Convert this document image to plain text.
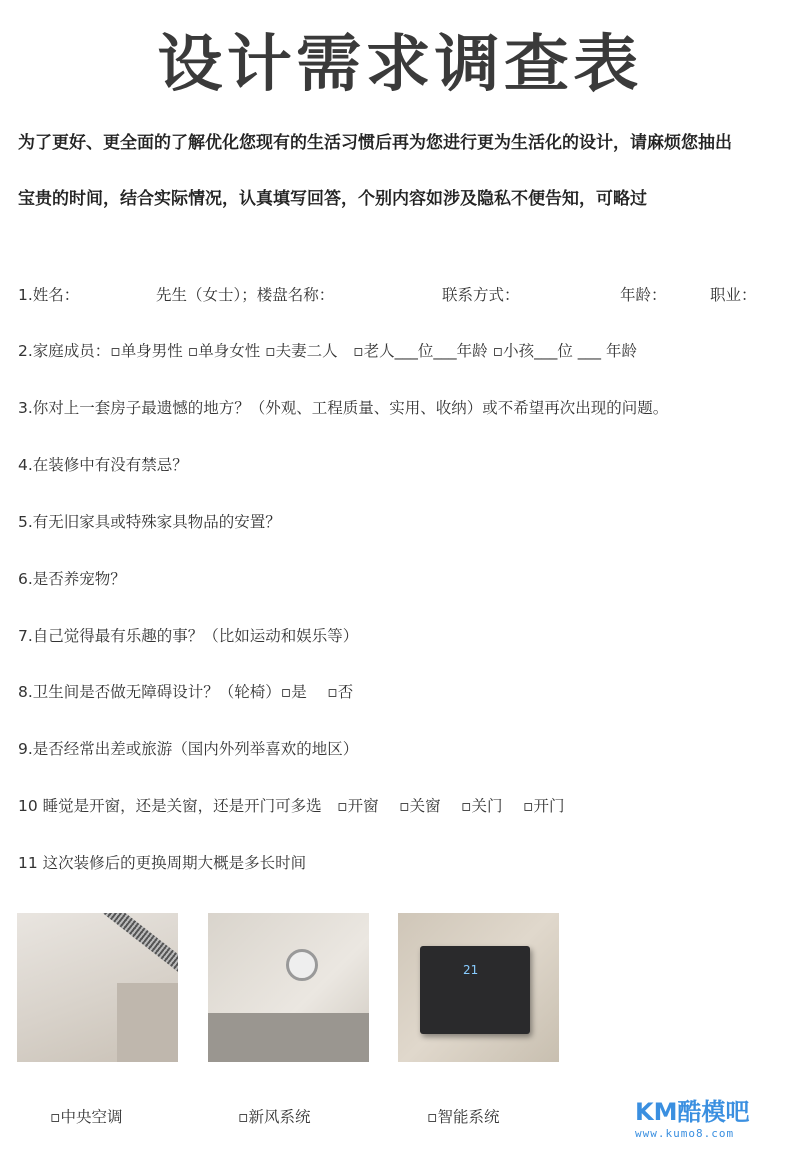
设计需求调查表
为了更好、更全面的了解优化您现有的生活习惯后再为您进行更为生活化的设计，请麻烦您抽出
宝贵的时间，结合实际情况，认真填写回答，个别内容如涉及隐私不便告知，可略过
1.姓名：	先生（女士）；楼盘名称：	联系方式：	年龄：	职业：
2.家庭成员：▫单身男性 ▫单身女性 ▫夫妻二人　▫老人___位___年龄 ▫小孩___位 ___ 年龄
3.你对上一套房子最遗憾的地方？（外观、工程质量、实用、收纳）或不希望再次出现的问题。
4.在装修中有没有禁忌？
5.有无旧家具或特殊家具物品的安置？
6.是否养宠物？
7.自己觉得最有乐趣的事？（比如运动和娱乐等）
8.卫生间是否做无障碍设计？（轮椅）▫是　 ▫否
9.是否经常出差或旅游（国内外列举喜欢的地区）
10 睡觉是开窗，还是关窗，还是开门可多选　▫开窗　 ▫关窗　 ▫关门　 ▫开门
11 这次装修后的更换周期大概是多长时间
21
▫中央空调	▫新风系统	▫智能系统	KM酷模吧
www.kumo8.com
